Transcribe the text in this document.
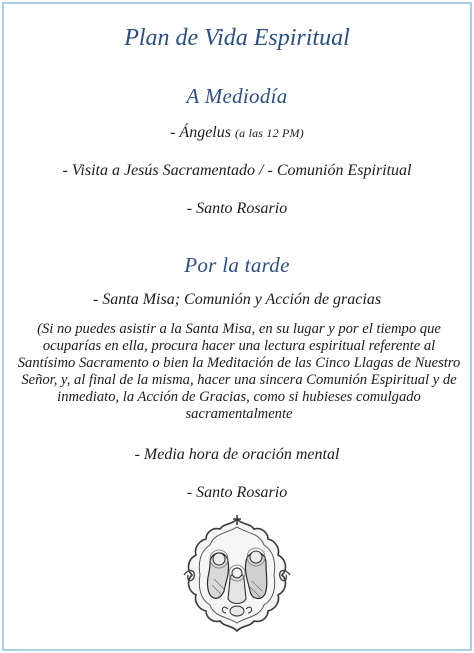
Plan de Vida Espiritual
A Mediodía
- Ángelus (a las 12 PM)
- Visita a Jesús Sacramentado / - Comunión Espiritual
- Santo Rosario
Por la tarde
- Santa Misa; Comunión y Acción de gracias
(Si no puedes asistir a la Santa Misa, en su lugar y por el tiempo que ocuparías en ella, procura hacer una lectura espiritual referente al Santísimo Sacramento o bien la Meditación de las Cinco Llagas de Nuestro Señor, y, al final de la misma, hacer una sincera Comunión Espiritual y de inmediato, la Acción de Gracias, como si hubieses comulgado sacramentalmente
- Media hora de oración mental
- Santo Rosario
